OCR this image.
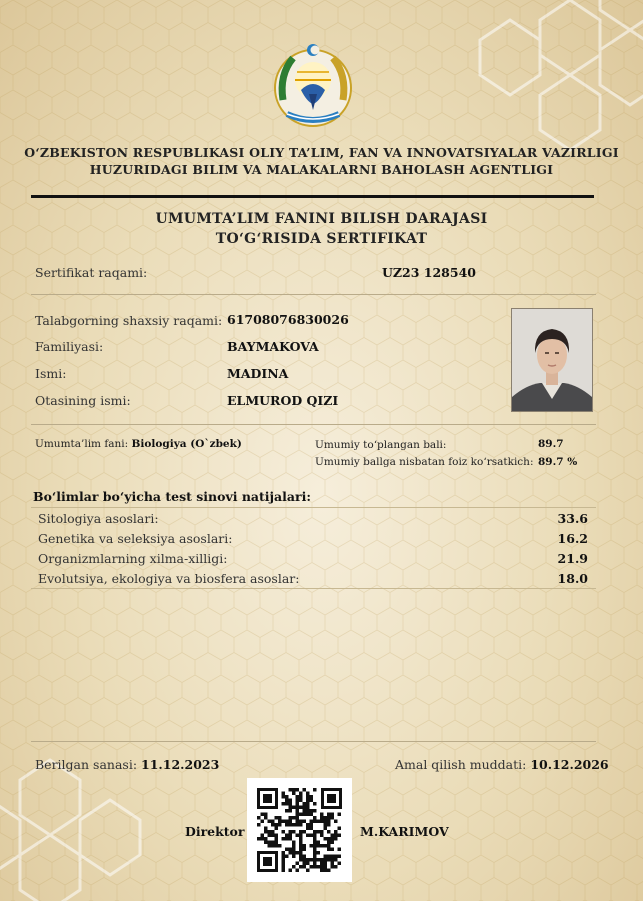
O‘ZBEKISTON RESPUBLIKASI OLIY TA’LIM, FAN VA INNOVATSIYALAR VAZIRLIGI
HUZURIDAGI BILIM VA MALAKALARNI BAHOLASH AGENTLIGI
UMUMTA’LIM FANINI BILISH DARAJASI
TO‘G‘RISIDA SERTIFIKAT
Sertifikat raqami:	UZ23 128540
Talabgorning shaxsiy raqami: 61708076830026
Familiyasi:	BAYMAKOVA
Ismi:	MADINA
Otasining ismi:	ELMUROD QIZI
Umumta’lim fani: Biologiya (O`zbek)	Umumiy to‘plangan bali:	89.7
Umumiy ballga nisbatan foiz ko‘rsatkich: 89.7 %
Bo‘limlar bo‘yicha test sinovi natijalari:
Sitologiya asoslari:	33.6
Genetika va seleksiya asoslari:	16.2
Organizmlarning xilma-xilligi:	21.9
Evolutsiya, ekologiya va biosfera asoslar:	18.0
Berilgan sanasi: 11.12.2023	Amal qilish muddati: 10.12.2026
Direktor	M.KARIMOV
